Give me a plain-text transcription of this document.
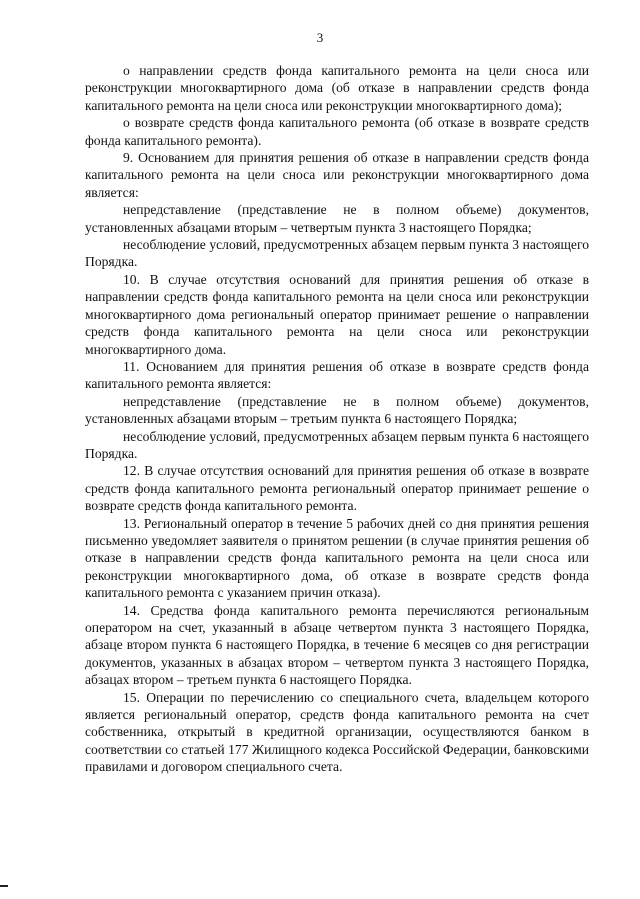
3

о направлении средств фонда капитального ремонта на цели сноса или реконструкции многоквартирного дома (об отказе в направлении средств фонда капитального ремонта на цели сноса или реконструкции многоквартирного дома);

о возврате средств фонда капитального ремонта (об отказе в возврате средств фонда капитального ремонта).

9. Основанием для принятия решения об отказе в направлении средств фонда капитального ремонта на цели сноса или реконструкции многоквартирного дома является:

непредставление (представление не в полном объеме) документов, установленных абзацами вторым – четвертым пункта 3 настоящего Порядка;

несоблюдение условий, предусмотренных абзацем первым пункта 3 настоящего Порядка.

10. В случае отсутствия оснований для принятия решения об отказе в направлении средств фонда капитального ремонта на цели сноса или реконструкции многоквартирного дома региональный оператор принимает решение о направлении средств фонда капитального ремонта на цели сноса или реконструкции многоквартирного дома.

11. Основанием для принятия решения об отказе в возврате средств фонда капитального ремонта является:

непредставление (представление не в полном объеме) документов, установленных абзацами вторым – третьим пункта 6 настоящего Порядка;

несоблюдение условий, предусмотренных абзацем первым пункта 6 настоящего Порядка.

12. В случае отсутствия оснований для принятия решения об отказе в возврате средств фонда капитального ремонта региональный оператор принимает решение о возврате средств фонда капитального ремонта.

13. Региональный оператор в течение 5 рабочих дней со дня принятия решения письменно уведомляет заявителя о принятом решении (в случае принятия решения об отказе в направлении средств фонда капитального ремонта на цели сноса или реконструкции многоквартирного дома, об отказе в возврате средств фонда капитального ремонта с указанием причин отказа).

14. Средства фонда капитального ремонта перечисляются региональным оператором на счет, указанный в абзаце четвертом пункта 3 настоящего Порядка, абзаце втором пункта 6 настоящего Порядка, в течение 6 месяцев со дня регистрации документов, указанных в абзацах втором – четвертом пункта 3 настоящего Порядка, абзацах втором – третьем пункта 6 настоящего Порядка.

15. Операции по перечислению со специального счета, владельцем которого является региональный оператор, средств фонда капитального ремонта на счет собственника, открытый в кредитной организации, осуществляются банком в соответствии со статьей 177 Жилищного кодекса Российской Федерации, банковскими правилами и договором специального счета.
